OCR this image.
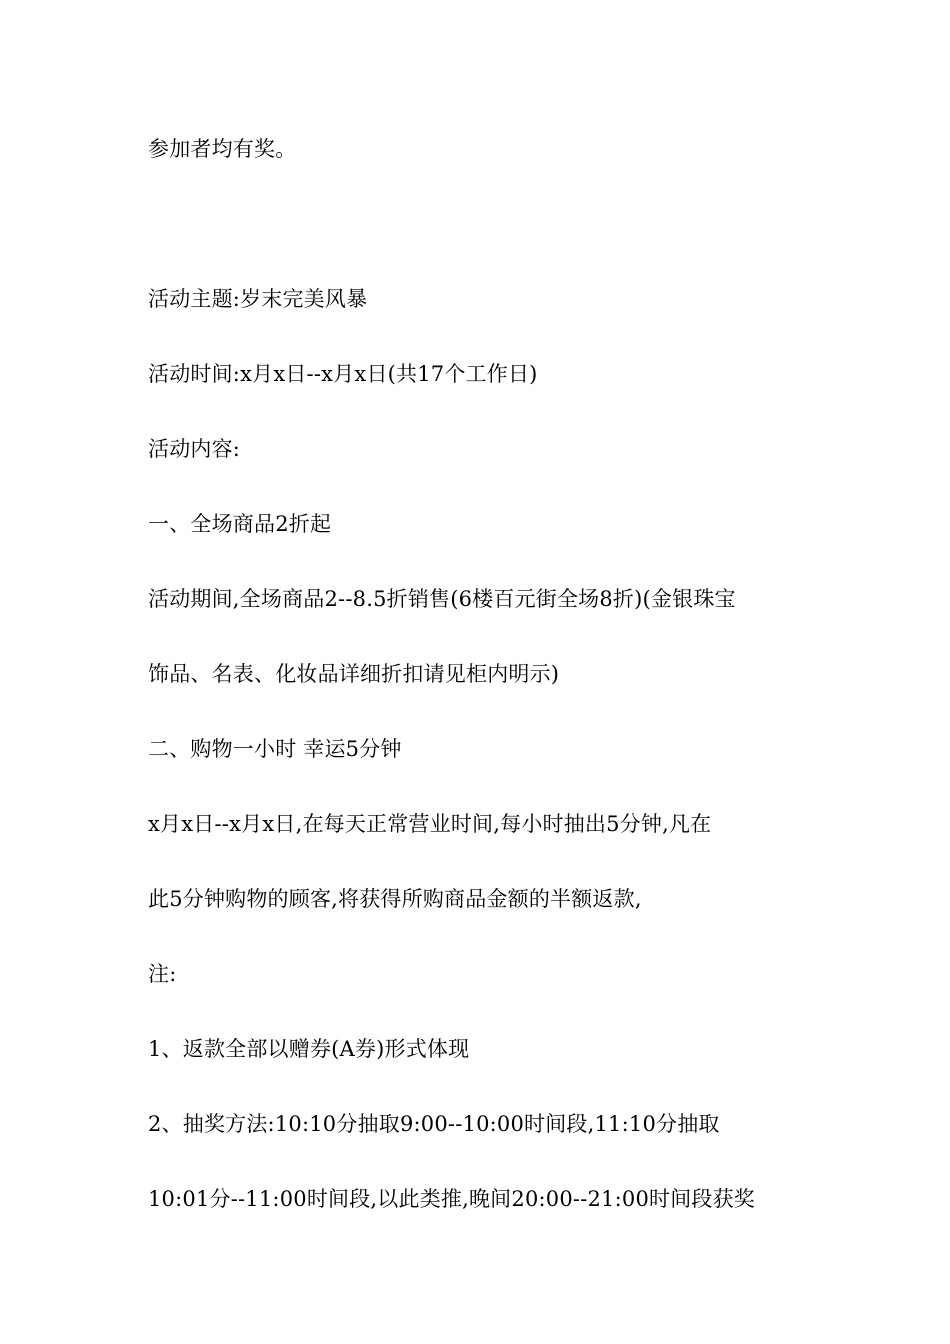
参加者均有奖。
活动主题:岁末完美风暴
活动时间:x月x日--x月x日(共17个工作日)
活动内容:
一、全场商品2折起
活动期间,全场商品2--8.5折销售(6楼百元街全场8折)(金银珠宝
饰品、名表、化妆品详细折扣请见柜内明示)
二、购物一小时 幸运5分钟
x月x日--x月x日,在每天正常营业时间,每小时抽出5分钟,凡在
此5分钟购物的顾客,将获得所购商品金额的半额返款,
注:
1、返款全部以赠券(A券)形式体现
2、抽奖方法:10:10分抽取9:00--10:00时间段,11:10分抽取
10:01分--11:00时间段,以此类推,晚间20:00--21:00时间段获奖
